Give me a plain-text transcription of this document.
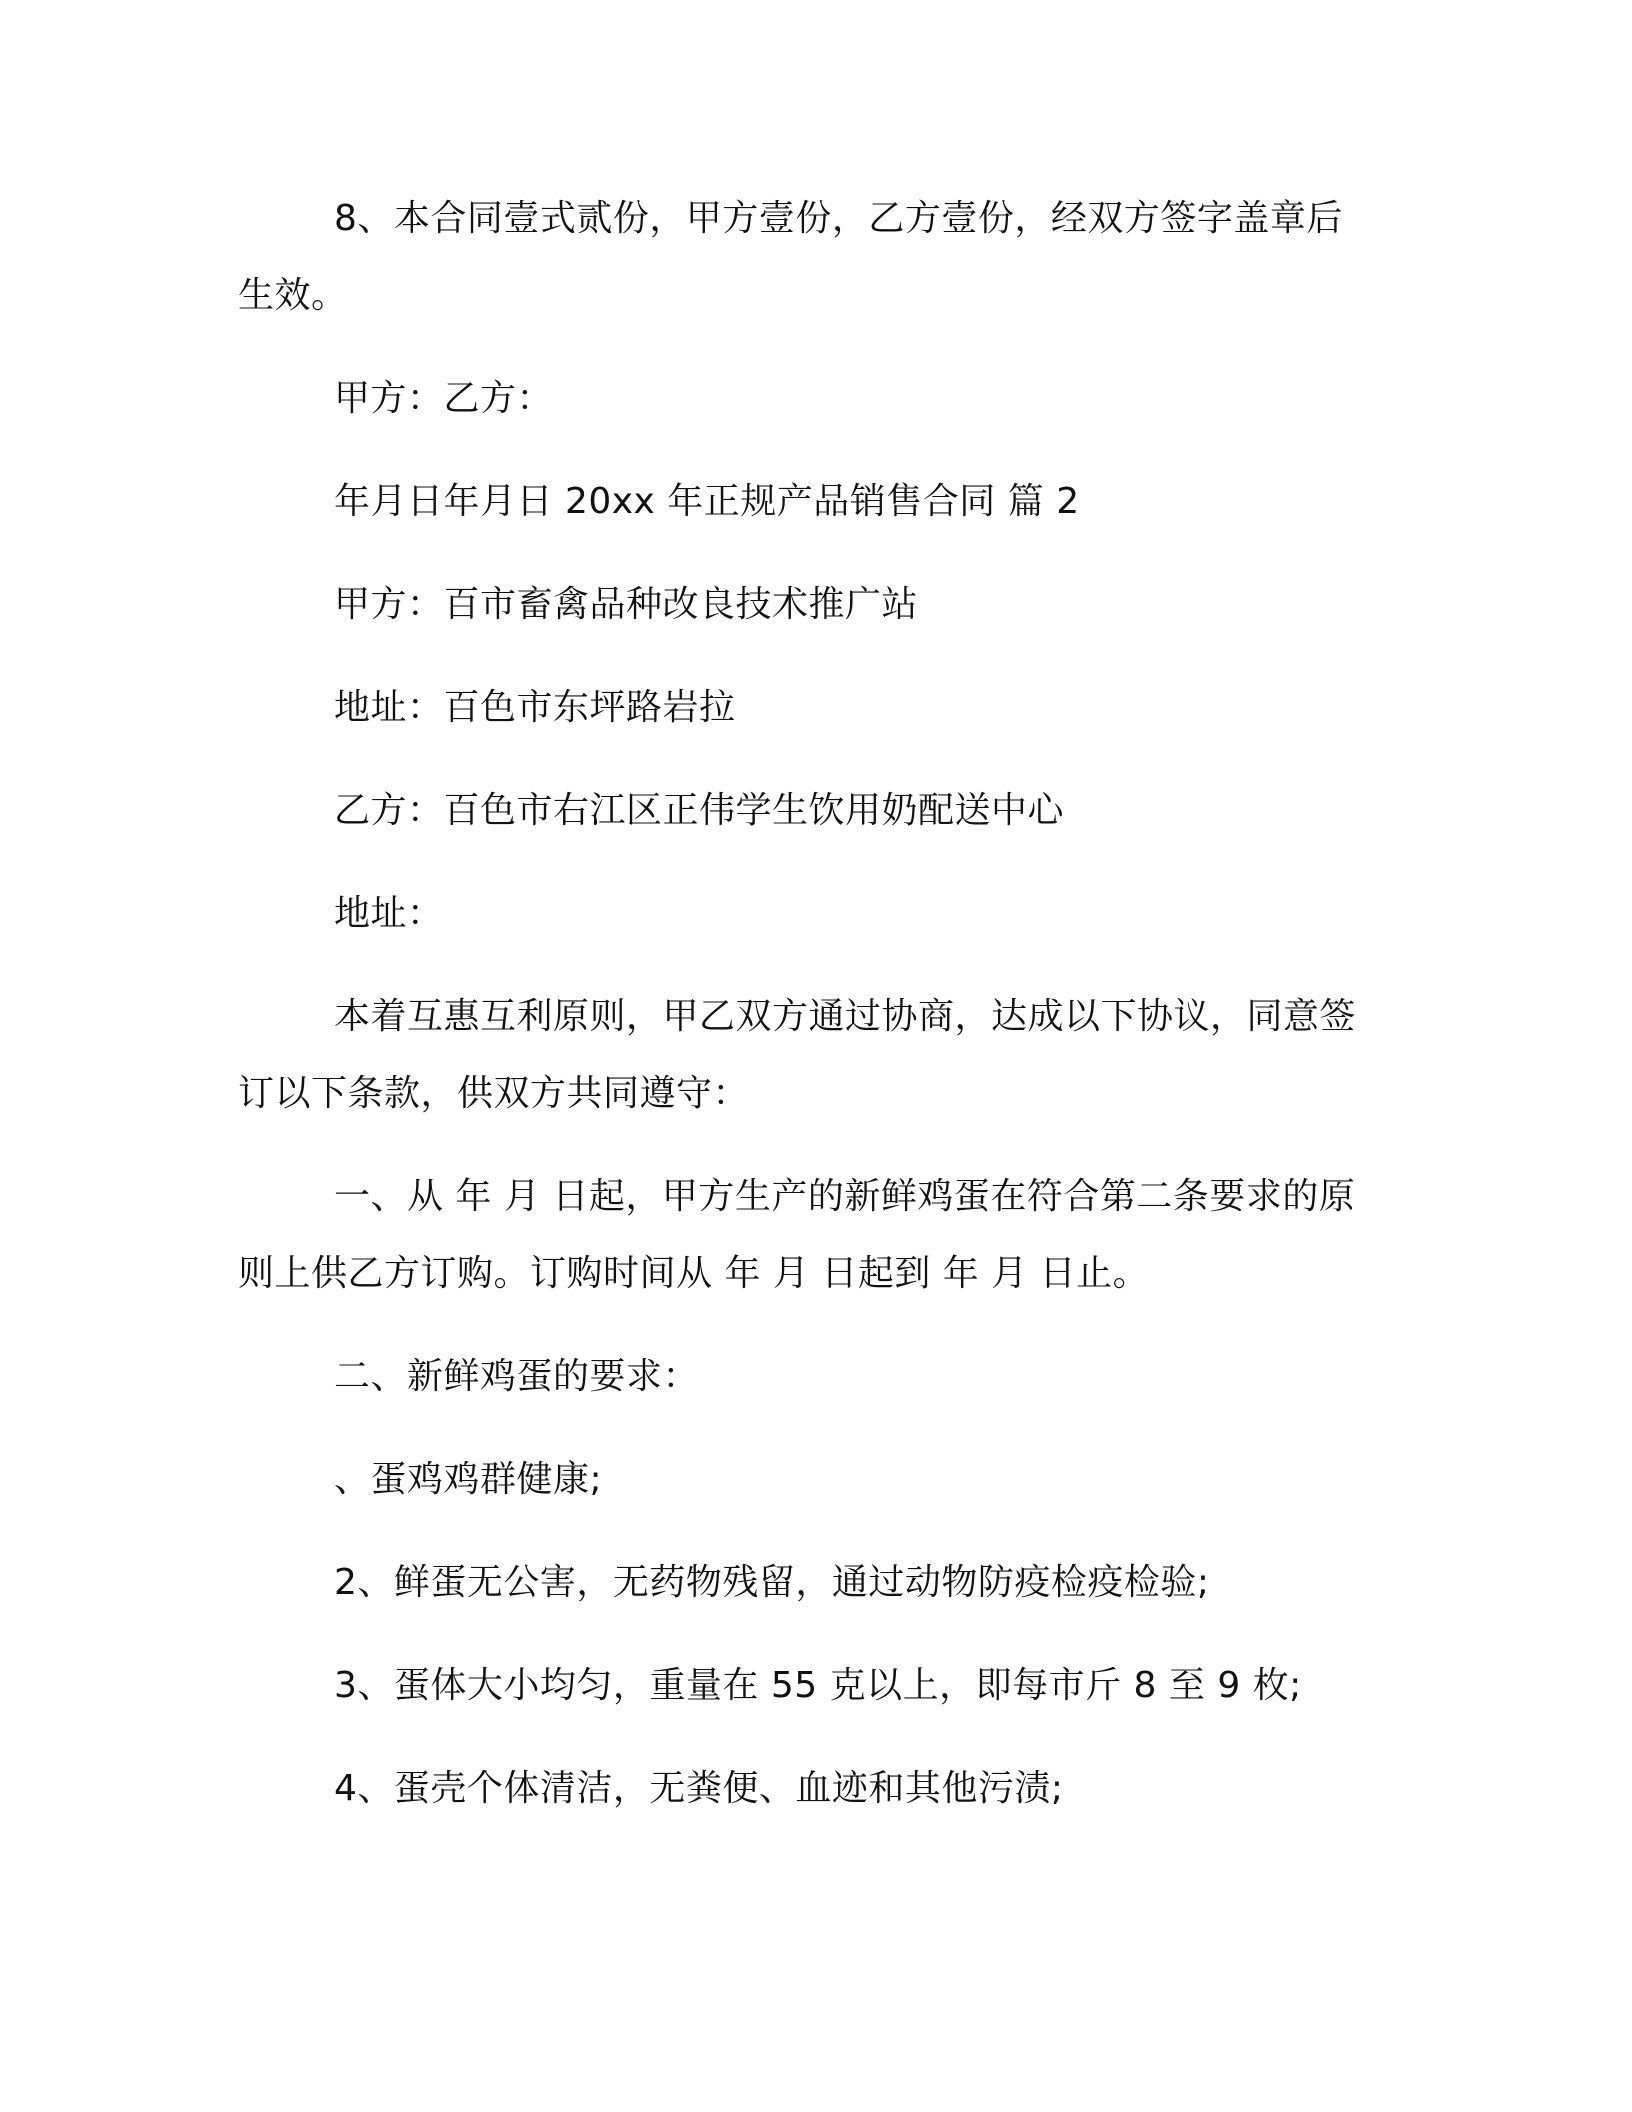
8、本合同壹式贰份，甲方壹份，乙方壹份，经双方签字盖章后生效。

甲方：乙方：

年月日年月日 20xx 年正规产品销售合同 篇 2

甲方：百市畜禽品种改良技术推广站

地址：百色市东坪路岩拉

乙方：百色市右江区正伟学生饮用奶配送中心

地址：

本着互惠互利原则，甲乙双方通过协商，达成以下协议，同意签订以下条款，供双方共同遵守：

一、从 年 月 日起，甲方生产的新鲜鸡蛋在符合第二条要求的原则上供乙方订购。订购时间从 年 月 日起到 年 月 日止。

二、新鲜鸡蛋的要求：

、蛋鸡鸡群健康;

2、鲜蛋无公害，无药物残留，通过动物防疫检疫检验;

3、蛋体大小均匀，重量在 55 克以上，即每市斤 8 至 9 枚;

4、蛋壳个体清洁，无粪便、血迹和其他污渍;
